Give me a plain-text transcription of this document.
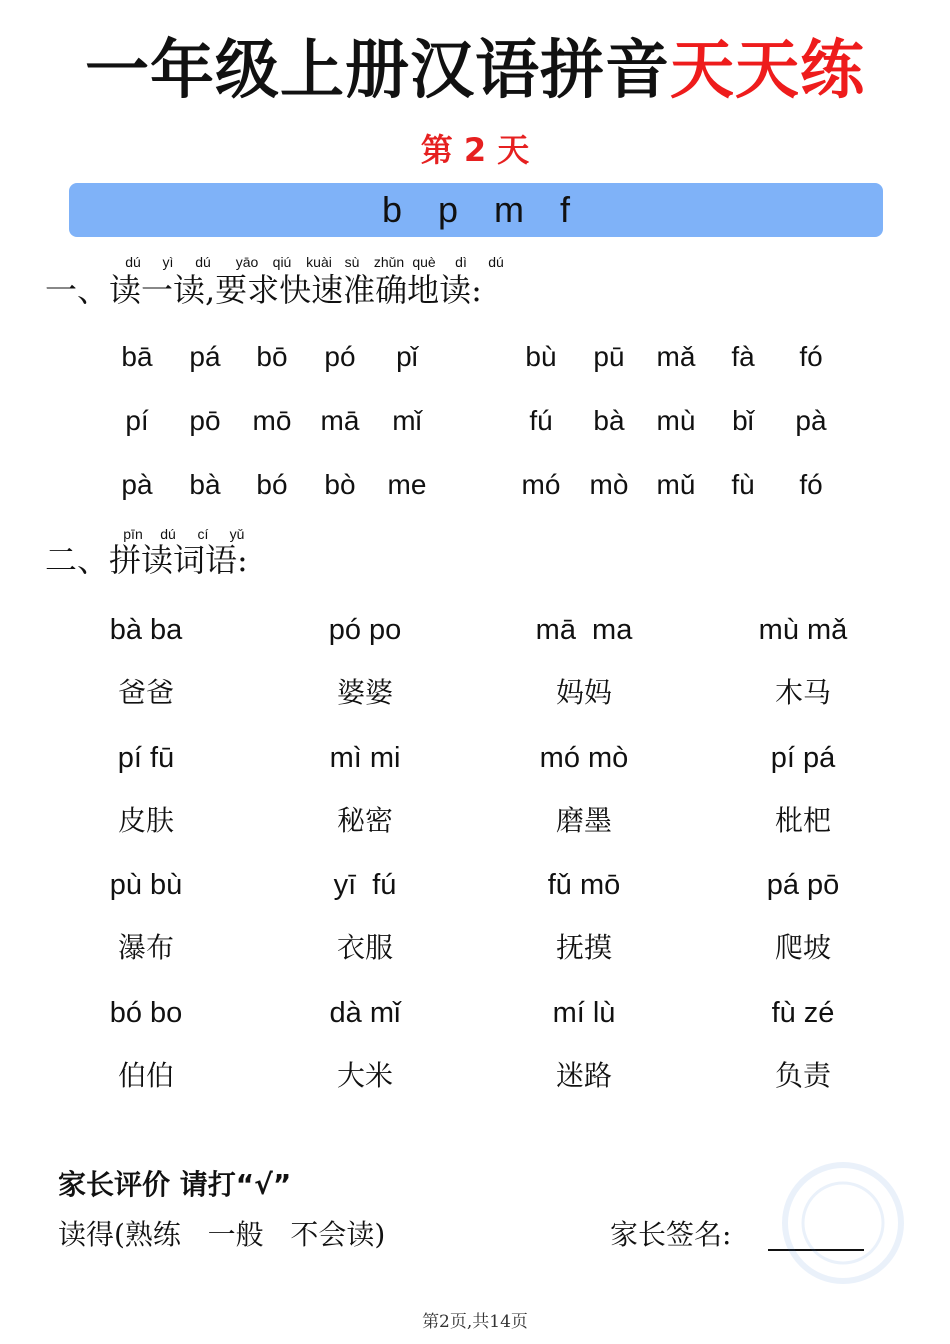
一年级上册汉语拼音天天练
第 2 天
b p m f
dú yì dú yāo qiú kuài sù zhǔn què dì dú
一、读一读,要求快速准确地读:
bā	pá	bō	pó	pǐ	bù	pū	mǎ	fà	fó
pí	pō	mō	mā	mǐ	fú	bà	mù	bǐ	pà
pà	bà	bó	bò	me	mó	mò	mǔ	fù	fó
pīn dú cí yǔ
二、拼读词语:
bà ba	pó po	mā  ma	mù mǎ
爸爸	婆婆	妈妈	木马
pí fū	mì mi	mó mò	pí pá
皮肤	秘密	磨墨	枇杷
pù bù	yī  fú	fǔ mō	pá pō
瀑布	衣服	抚摸	爬坡
bó bo	dà mǐ	mí lù	fù zé
伯伯	大米	迷路	负责
家长评价 请打“√”
读得(熟练   一般   不会读)	家长签名:
第2页,共14页
